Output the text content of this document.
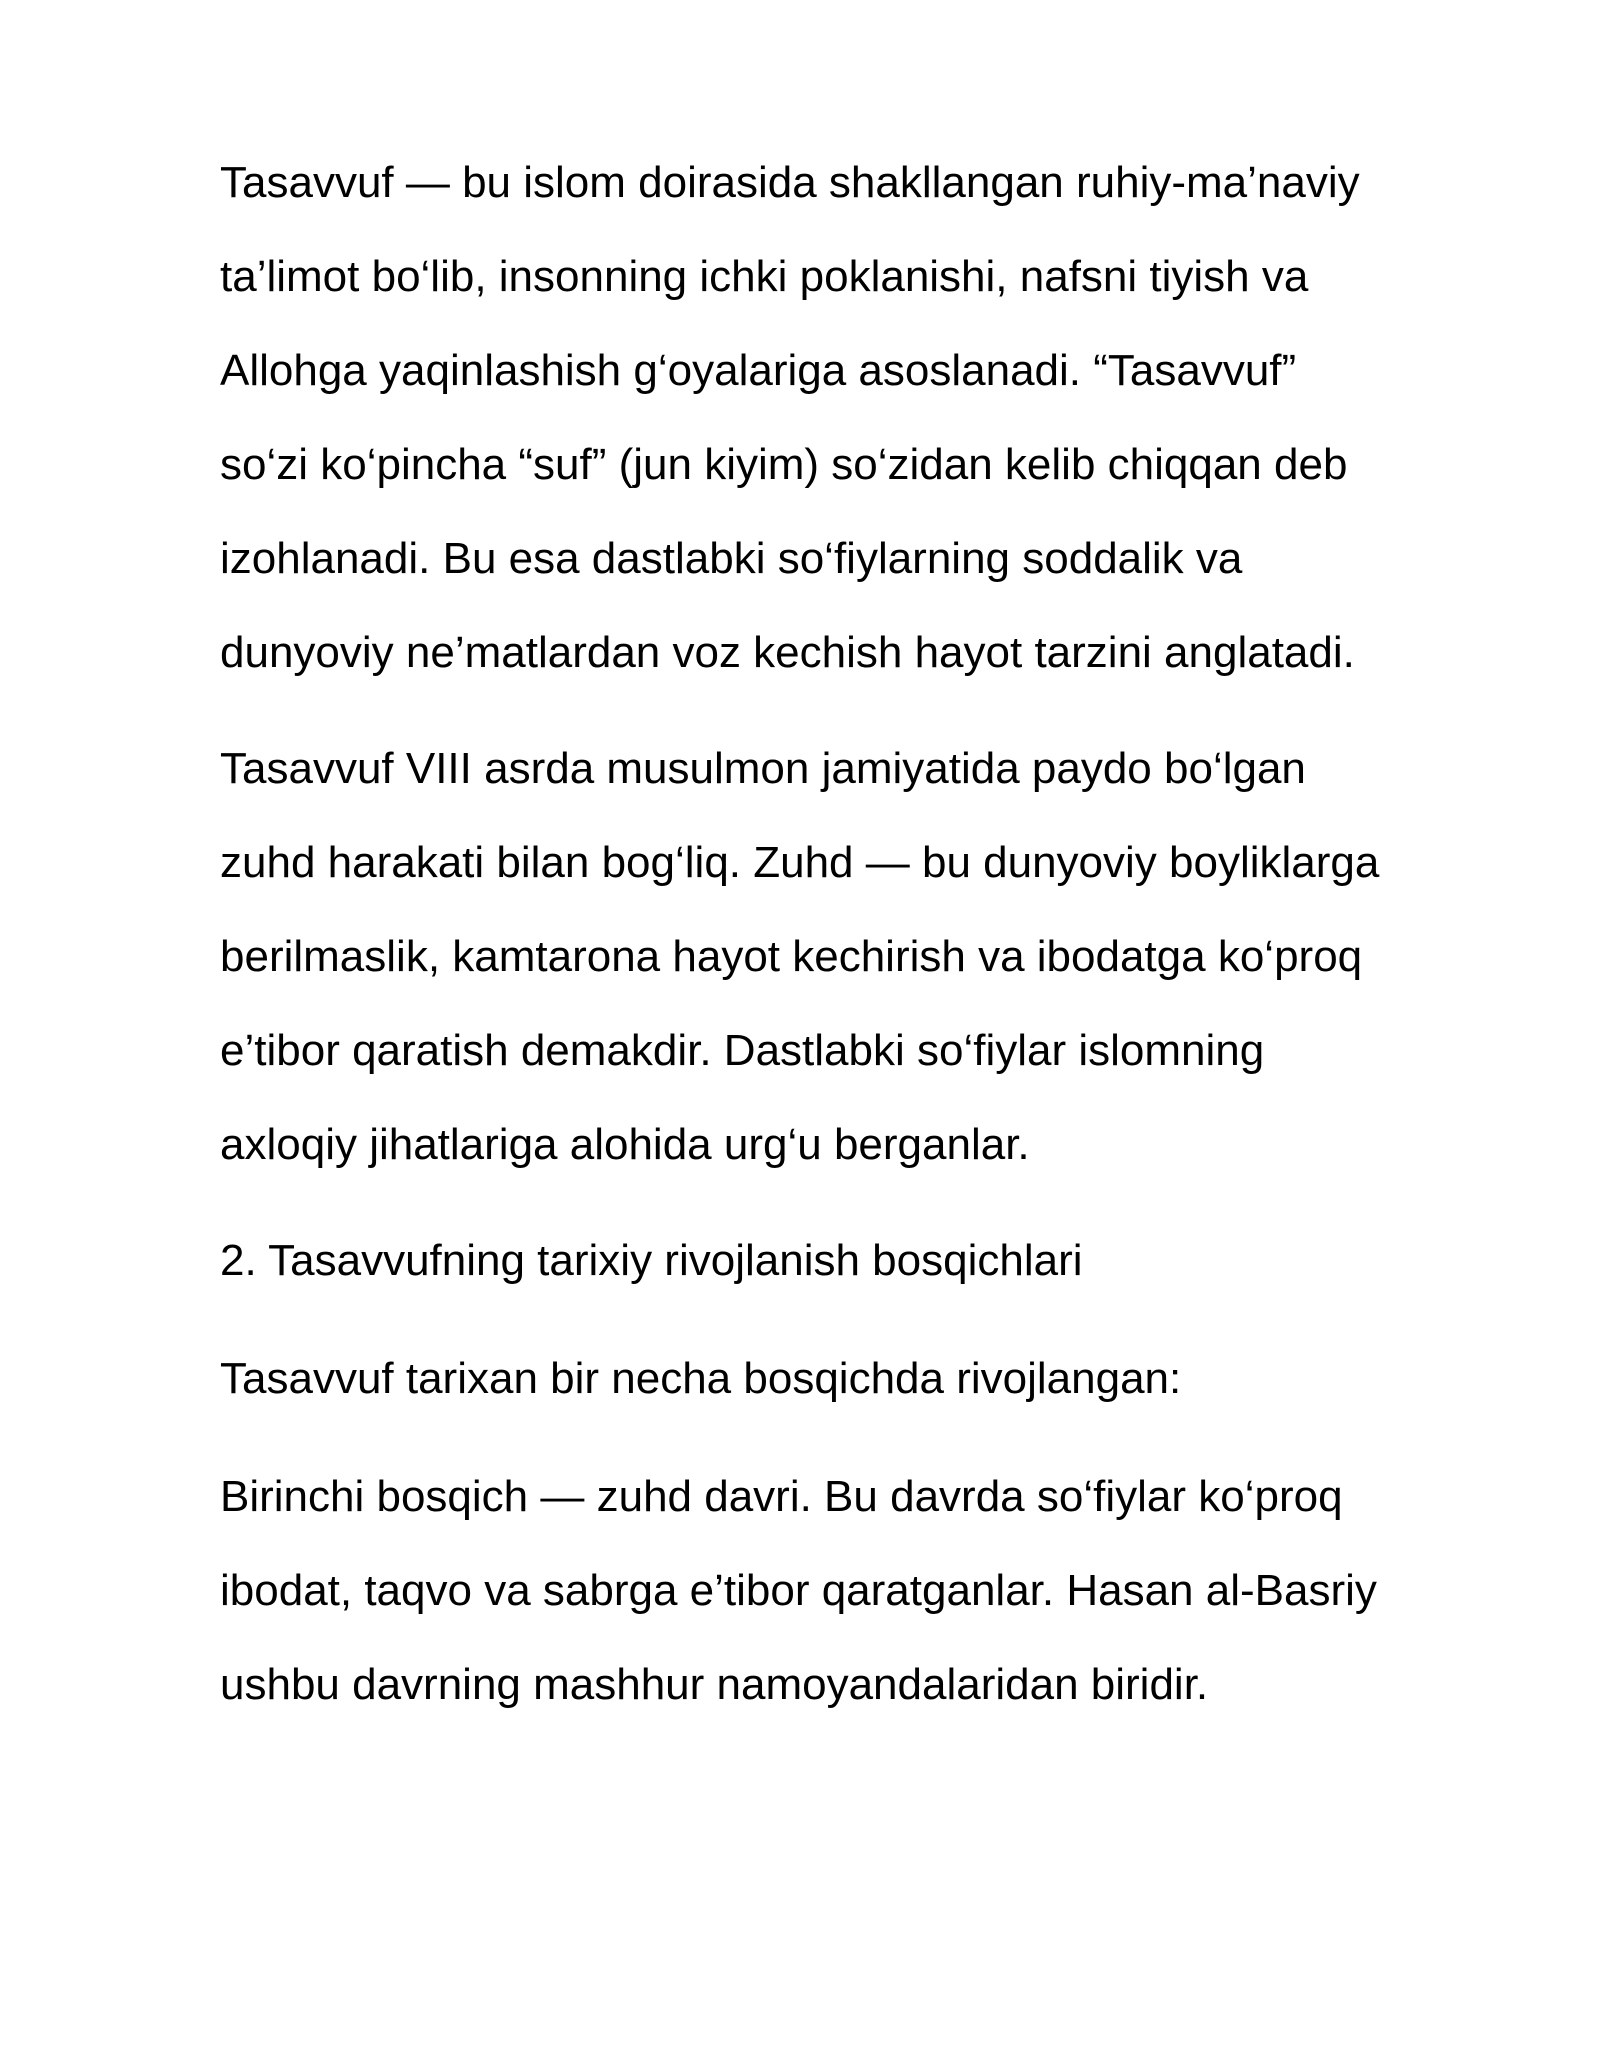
Tasavvuf — bu islom doirasida shakllangan ruhiy-ma’naviy
ta’limot bo‘lib, insonning ichki poklanishi, nafsni tiyish va
Allohga yaqinlashish g‘oyalariga asoslanadi. “Tasavvuf”
so‘zi ko‘pincha “suf” (jun kiyim) so‘zidan kelib chiqqan deb
izohlanadi. Bu esa dastlabki so‘fiylarning soddalik va
dunyoviy ne’matlardan voz kechish hayot tarzini anglatadi.

Tasavvuf VIII asrda musulmon jamiyatida paydo bo‘lgan
zuhd harakati bilan bog‘liq. Zuhd — bu dunyoviy boyliklarga
berilmaslik, kamtarona hayot kechirish va ibodatga ko‘proq
e’tibor qaratish demakdir. Dastlabki so‘fiylar islomning
axloqiy jihatlariga alohida urg‘u berganlar.

2. Tasavvufning tarixiy rivojlanish bosqichlari

Tasavvuf tarixan bir necha bosqichda rivojlangan:

Birinchi bosqich — zuhd davri. Bu davrda so‘fiylar ko‘proq
ibodat, taqvo va sabrga e’tibor qaratganlar. Hasan al-Basriy
ushbu davrning mashhur namoyandalaridan biridir.
